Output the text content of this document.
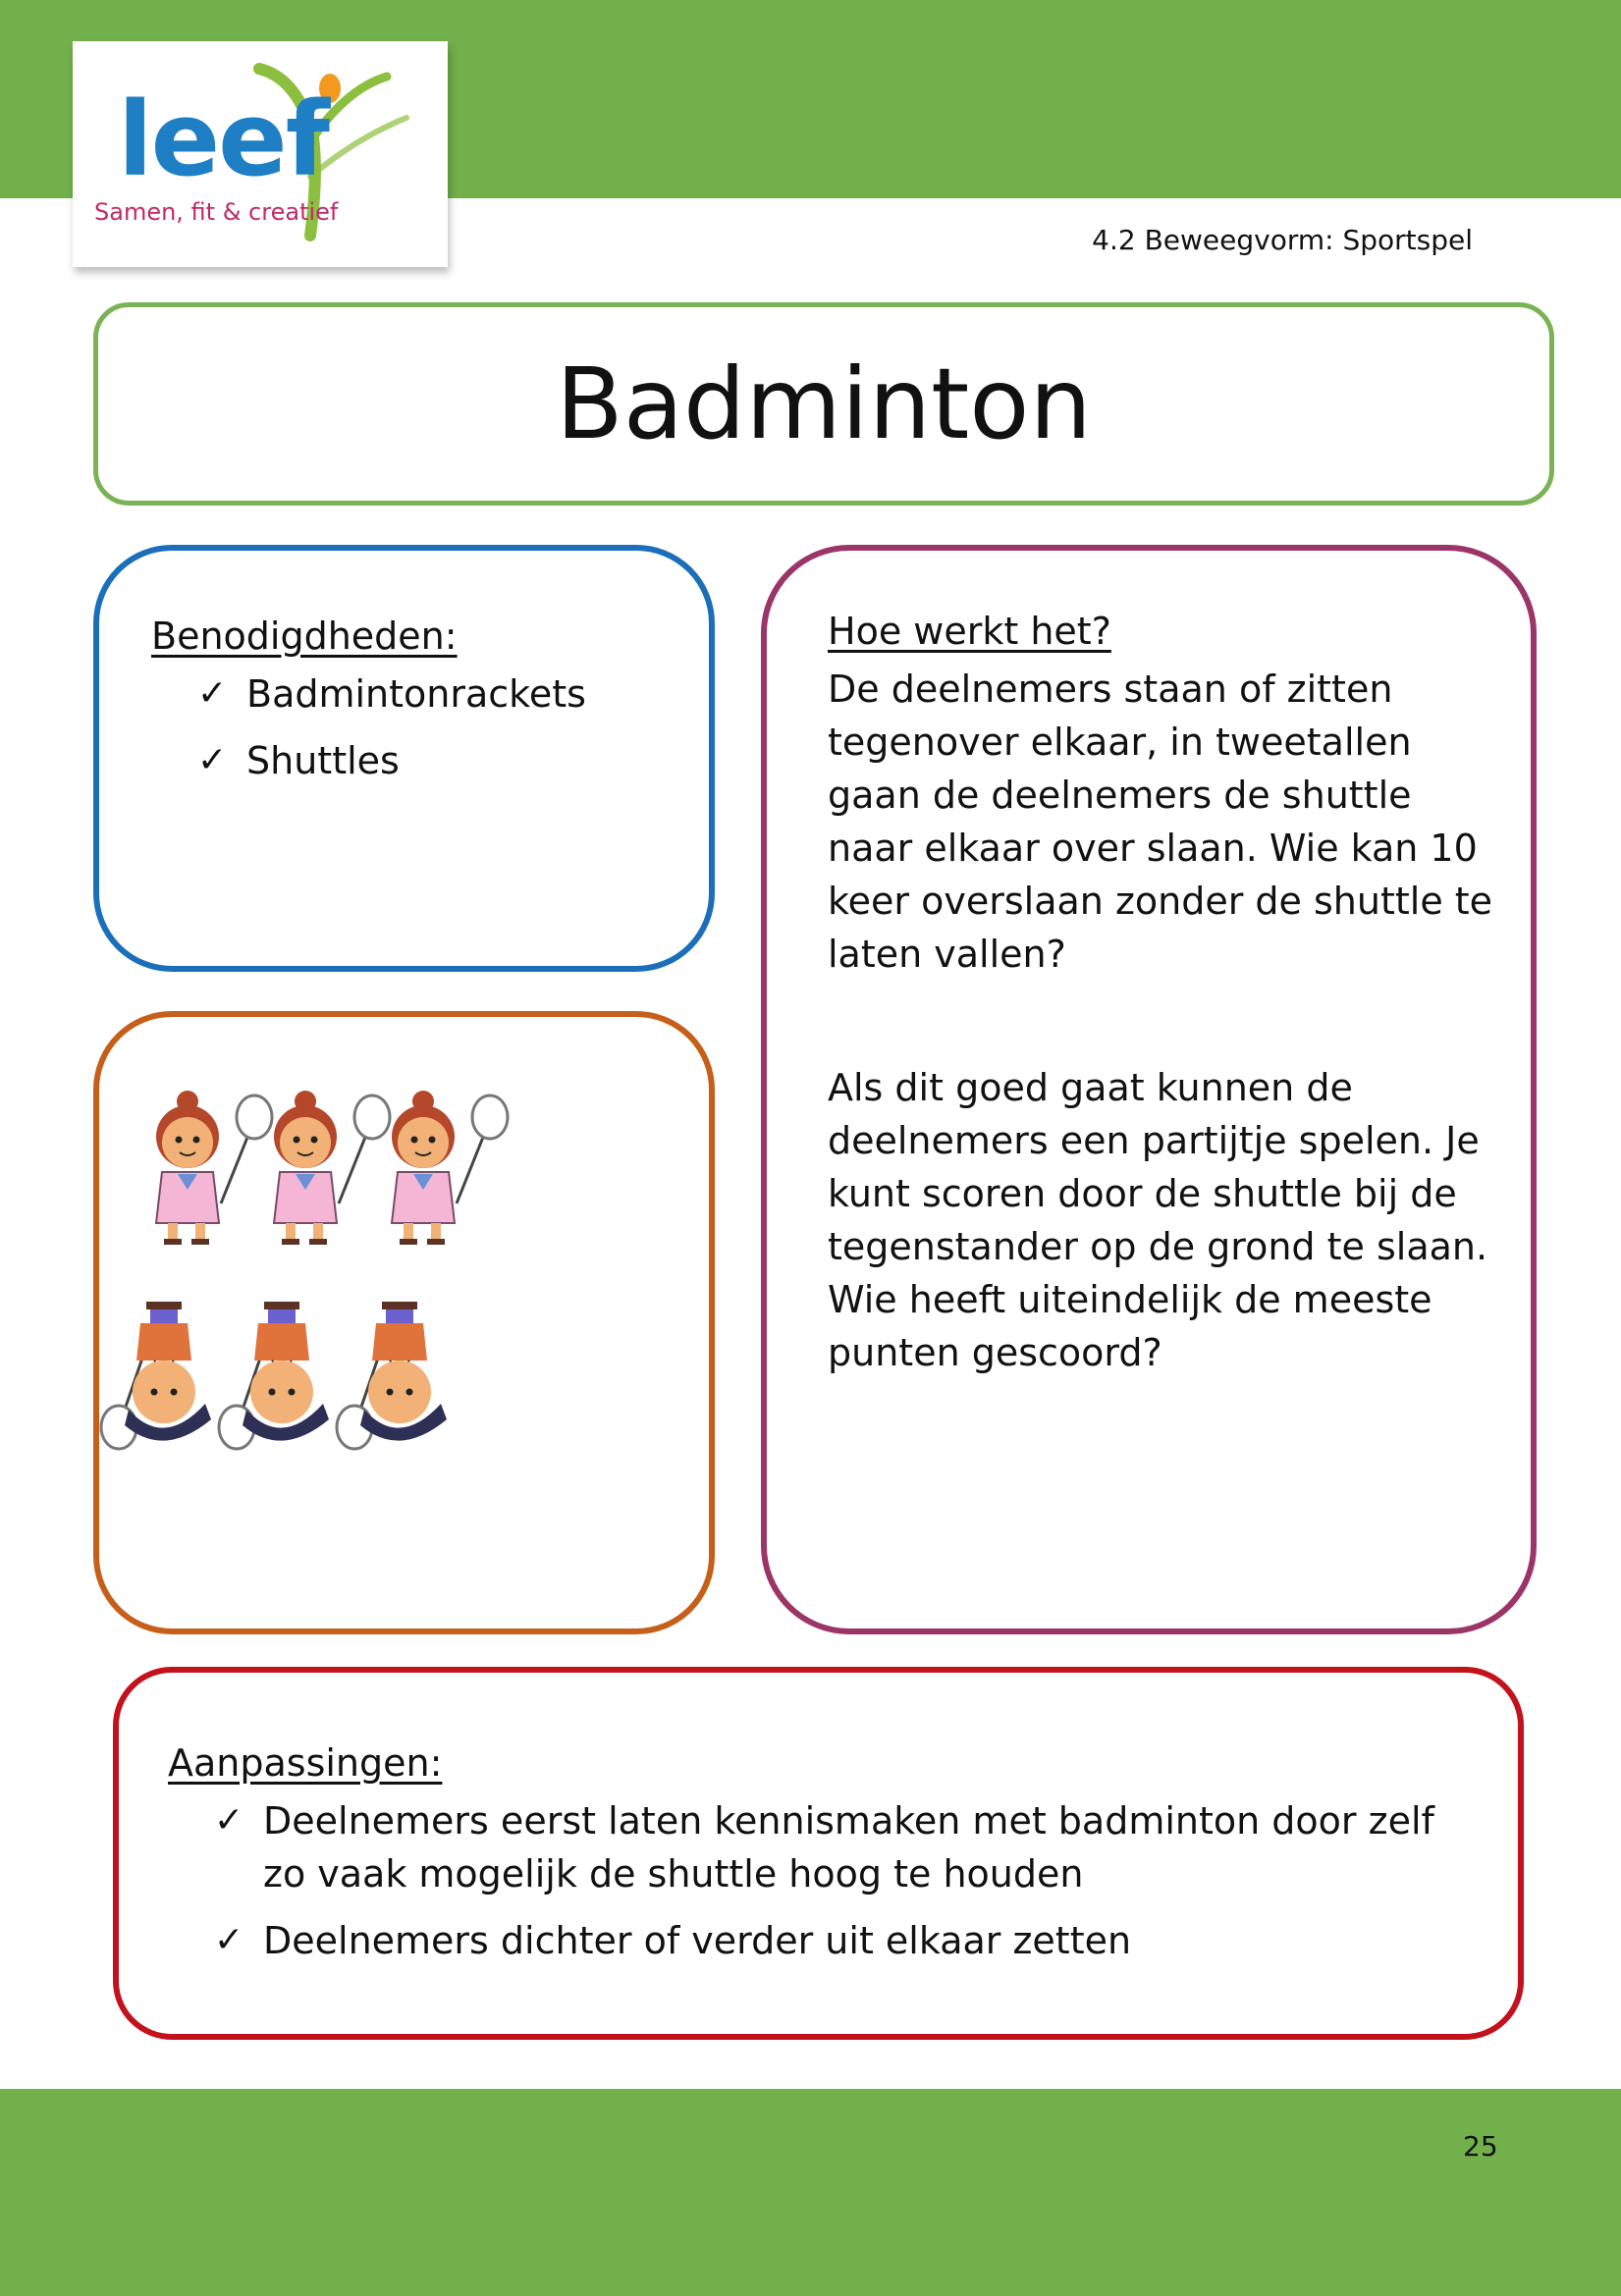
leef
Samen, fit & creatief
4.2 Beweegvorm: Sportspel
Badminton
Benodigdheden:
✓ Badmintonrackets
✓ Shuttles
Hoe werkt het?

De deelnemers staan of zitten tegenover elkaar, in tweetallen gaan de deelnemers de shuttle naar elkaar over slaan. Wie kan 10 keer overslaan zonder de shuttle te laten vallen?

Als dit goed gaat kunnen de deelnemers een partijtje spelen. Je kunt scoren door de shuttle bij de tegenstander op de grond te slaan. Wie heeft uiteindelijk de meeste punten gescoord?

Aanpassingen:
✓ Deelnemers eerst laten kennismaken met badminton door zelf zo vaak mogelijk de shuttle hoog te houden
✓ Deelnemers dichter of verder uit elkaar zetten
25
